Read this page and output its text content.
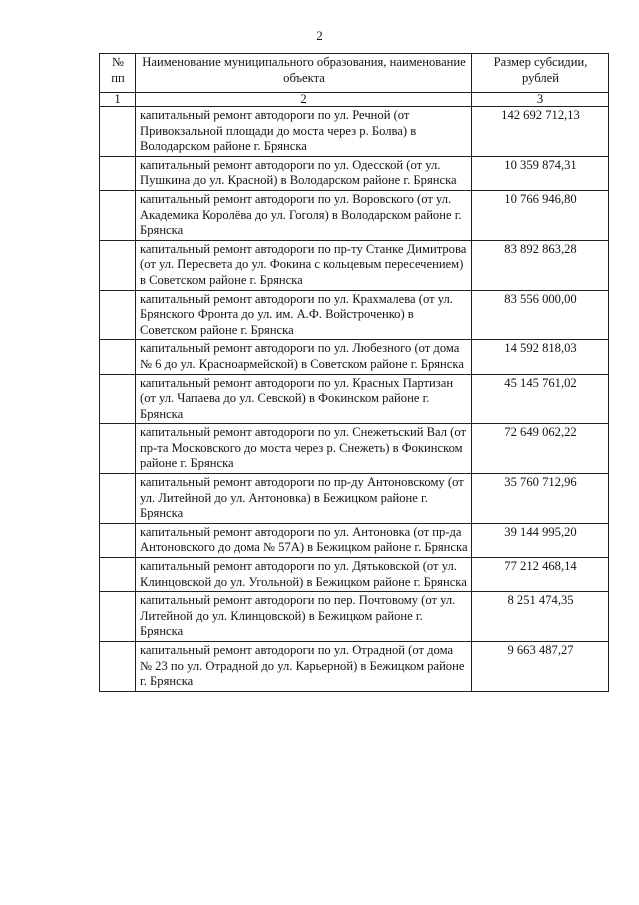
2
№ пп	Наименование муниципального образования, наименование объекта	Размер субсидии, рублей
1	2	3
	капитальный ремонт автодороги по ул. Речной (от Привокзальной площади до моста через р. Болва) в Володарском районе г. Брянска	142 692 712,13
	капитальный ремонт автодороги по ул. Одесской (от ул. Пушкина до ул. Красной) в Володарском районе г. Брянска	10 359 874,31
	капитальный ремонт автодороги по ул. Воровского (от ул. Академика Королёва до ул. Гоголя) в Володарском районе г. Брянска	10 766 946,80
	капитальный ремонт автодороги по пр-ту Станке Димитрова (от ул. Пересвета до ул. Фокина с кольцевым пересечением) в Советском районе г. Брянска	83 892 863,28
	капитальный ремонт автодороги по ул. Крахмалева (от ул. Брянского Фронта до ул. им. А.Ф. Войстроченко) в Советском районе г. Брянска	83 556 000,00
	капитальный ремонт автодороги по ул. Любезного (от дома № 6 до ул. Красноармейской) в Советском районе г. Брянска	14 592 818,03
	капитальный ремонт автодороги по ул. Красных Партизан (от ул. Чапаева до ул. Севской) в Фокинском районе г. Брянска	45 145 761,02
	капитальный ремонт автодороги по ул. Снежетьский Вал (от пр-та Московского до моста через р. Снежеть) в Фокинском районе г. Брянска	72 649 062,22
	капитальный ремонт автодороги по пр-ду Антоновскому (от ул. Литейной до ул. Антоновка) в Бежицком районе г. Брянска	35 760 712,96
	капитальный ремонт автодороги по ул. Антоновка (от пр-да Антоновского до дома № 57А) в Бежицком районе г. Брянска	39 144 995,20
	капитальный ремонт автодороги по ул. Дятьковской (от ул. Клинцовской до ул. Угольной) в Бежицком районе г. Брянска	77 212 468,14
	капитальный ремонт автодороги по пер. Почтовому (от ул. Литейной до ул. Клинцовской) в Бежицком районе г. Брянска	8 251 474,35
	капитальный ремонт автодороги по ул. Отрадной (от дома № 23 по ул. Отрадной до ул. Карьерной) в Бежицком районе г. Брянска	9 663 487,27
